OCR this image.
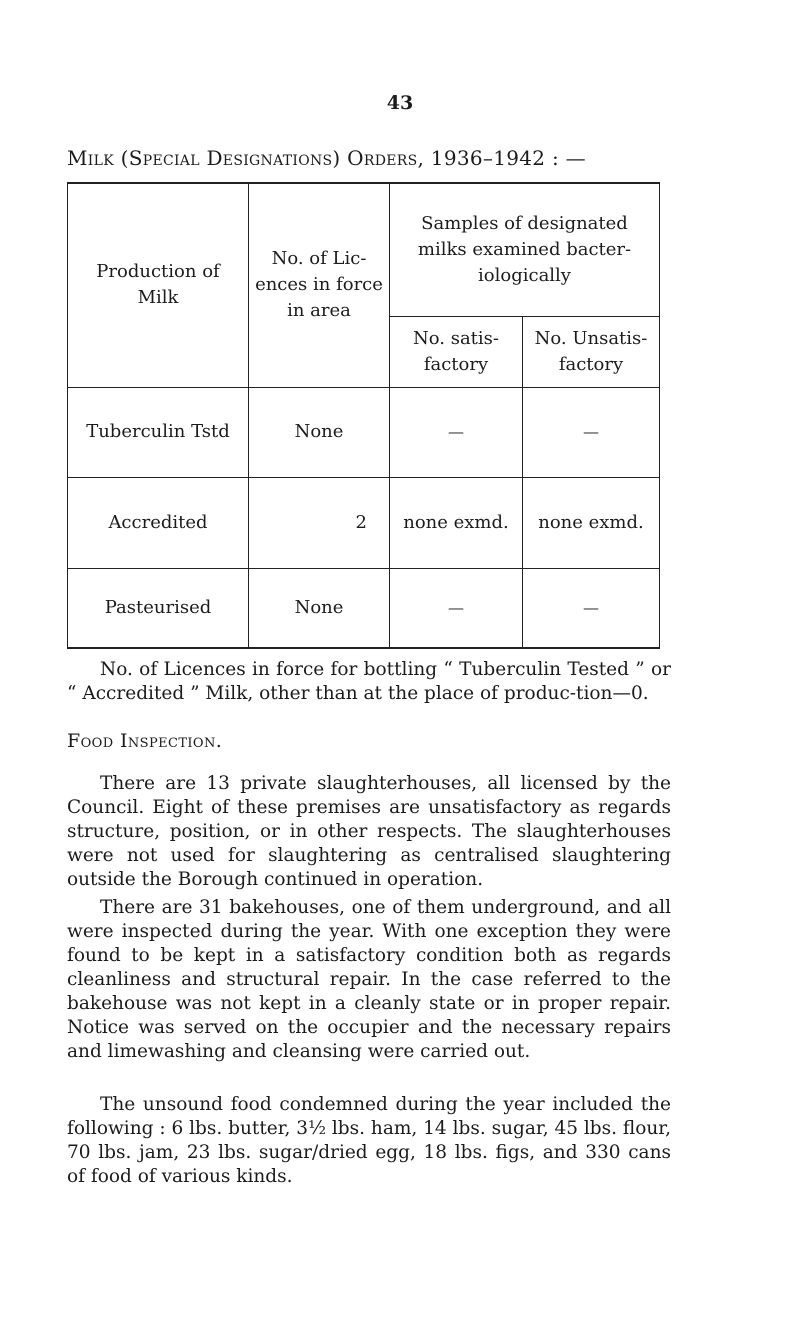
43
Milk (Special Designations) Orders, 1936–1942 : —
Production of Milk	No. of Lic-ences in force in area	Samples of designated milks examined bacter-iologically	
		No. satis-factory	No. Unsatis-factory
Tuberculin Tstd	None	—	—
Accredited	2	none exmd.	none exmd.
Pasteurised	None	—	—

No. of Licences in force for bottling “ Tuberculin Tested ” or “ Accredited ” Milk, other than at the place of produc-tion—0.

Food Inspection.

There are 13 private slaughterhouses, all licensed by the Council. Eight of these premises are unsatisfactory as regards structure, position, or in other respects. The slaughterhouses were not used for slaughtering as centralised slaughtering outside the Borough continued in operation.

There are 31 bakehouses, one of them underground, and all were inspected during the year. With one exception they were found to be kept in a satisfactory condition both as regards cleanliness and structural repair. In the case referred to the bakehouse was not kept in a cleanly state or in proper repair. Notice was served on the occupier and the necessary repairs and limewashing and cleansing were carried out.

The unsound food condemned during the year included the following : 6 lbs. butter, 3½ lbs. ham, 14 lbs. sugar, 45 lbs. flour, 70 lbs. jam, 23 lbs. sugar/dried egg, 18 lbs. figs, and 330 cans of food of various kinds.
